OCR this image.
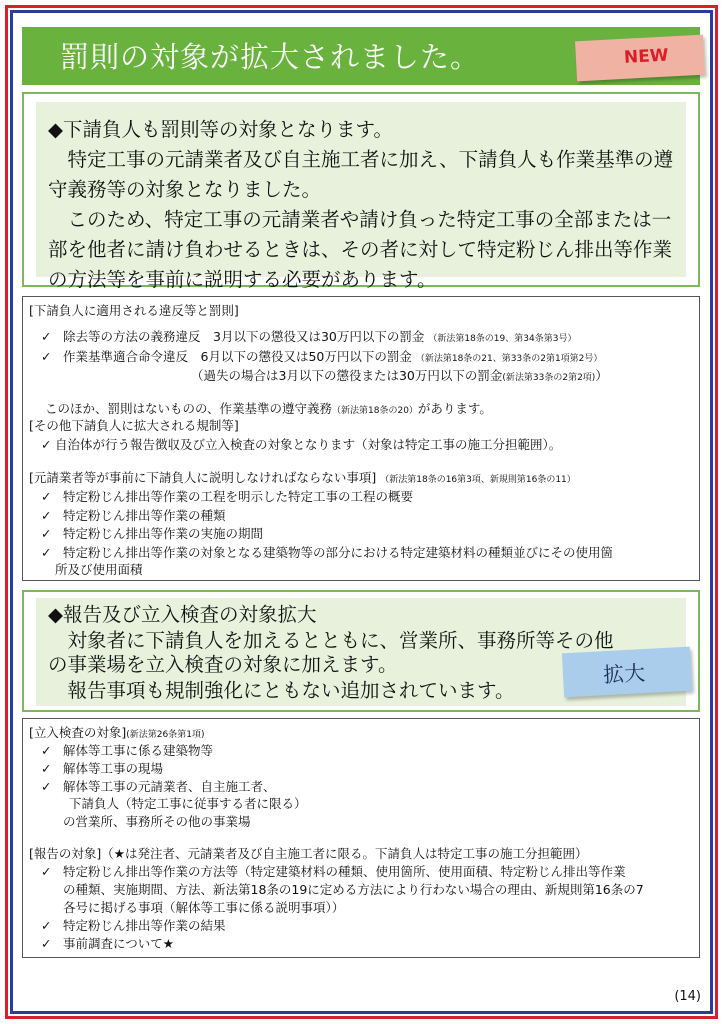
罰則の対象が拡大されました。	NEW
◆下請負人も罰則等の対象となります。
　特定工事の元請業者及び自主施工者に加え、下請負人も作業基準の遵守義務等の対象となりました。
　このため、特定工事の元請業者や請け負った特定工事の全部または一部を他者に請け負わせるときは、その者に対して特定粉じん排出等作業の方法等を事前に説明する必要があります。
[下請負人に適用される違反等と罰則]
✓ 除去等の方法の義務違反　3月以下の懲役又は30万円以下の罰金 （新法第18条の19、第34条第3号）
✓ 作業基準適合命令違反　6月以下の懲役又は50万円以下の罰金 （新法第18条の21、第33条の2第1項第2号）
（過失の場合は3月以下の懲役または30万円以下の罰金(新法第33条の2第2項)）
このほか、罰則はないものの、作業基準の遵守義務（新法第18条の20）があります。
[その他下請負人に拡大される規制等]
✓ 自治体が行う報告徴収及び立入検査の対象となります（対象は特定工事の施工分担範囲）。
[元請業者等が事前に下請負人に説明しなければならない事項] （新法第18条の16第3項、新規則第16条の11）
✓ 特定粉じん排出等作業の工程を明示した特定工事の工程の概要
✓ 特定粉じん排出等作業の種類
✓ 特定粉じん排出等作業の実施の期間
✓ 特定粉じん排出等作業の対象となる建築物等の部分における特定建築材料の種類並びにその使用箇
所及び使用面積
◆報告及び立入検査の対象拡大
　対象者に下請負人を加えるとともに、営業所、事務所等その他
の事業場を立入検査の対象に加えます。
　報告事項も規制強化にともない追加されています。
拡大
[立入検査の対象](新法第26条第1項)
✓ 解体等工事に係る建築物等
✓ 解体等工事の現場
✓ 解体等工事の元請業者、自主施工者、
下請負人（特定工事に従事する者に限る）
の営業所、事務所その他の事業場
[報告の対象]（★は発注者、元請業者及び自主施工者に限る。下請負人は特定工事の施工分担範囲）
✓ 特定粉じん排出等作業の方法等（特定建築材料の種類、使用箇所、使用面積、特定粉じん排出等作業
の種類、実施期間、方法、新法第18条の19に定める方法により行わない場合の理由、新規則第16条の7
各号に掲げる事項（解体等工事に係る説明事項））
✓ 特定粉じん排出等作業の結果
✓ 事前調査について★
(14)
